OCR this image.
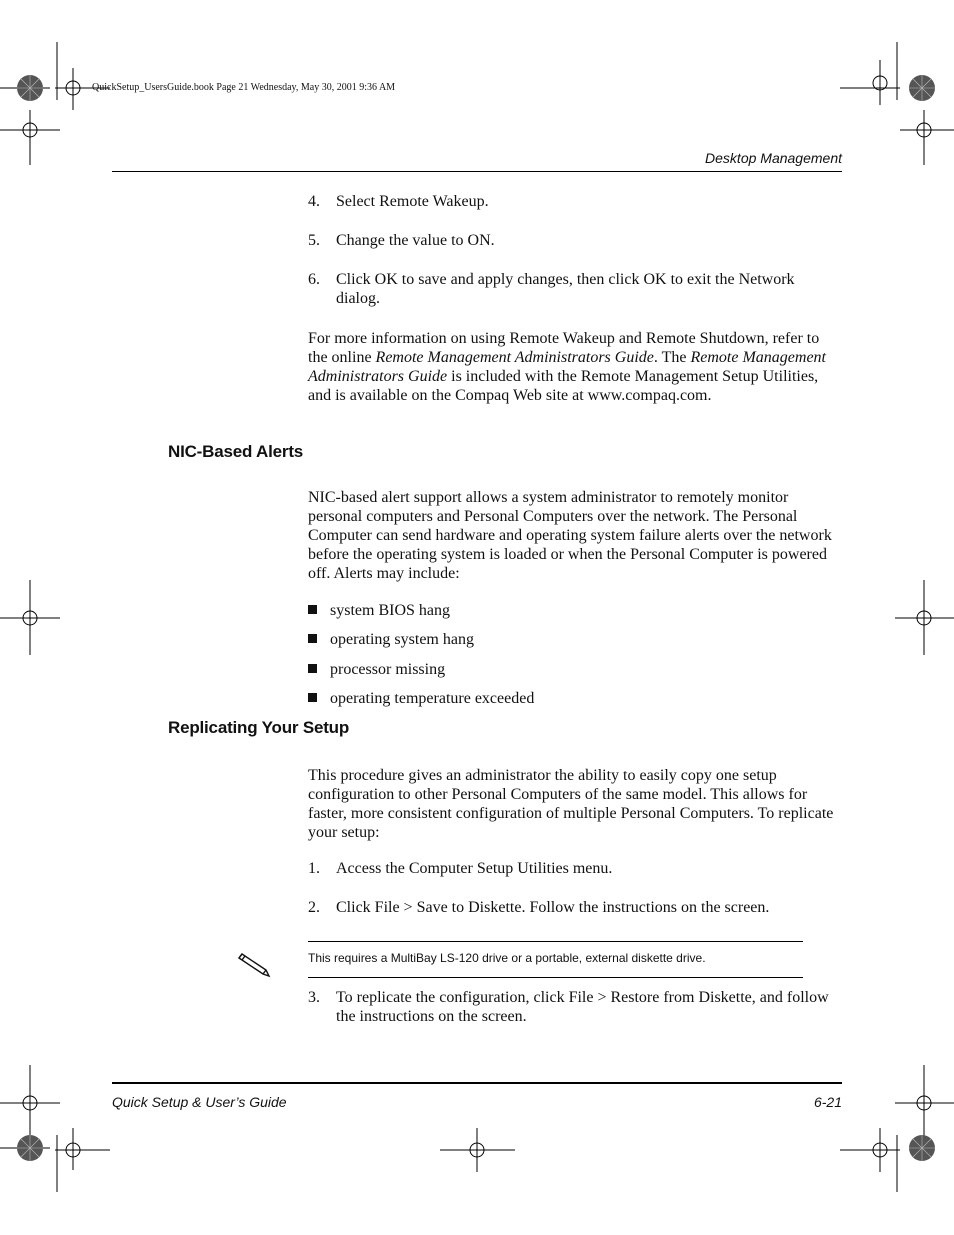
QuickSetup_UsersGuide.book Page 21 Wednesday, May 30, 2001 9:36 AM
Desktop Management
4.	Select Remote Wakeup.
5.	Change the value to ON.
6.	Click OK to save and apply changes, then click OK to exit the Network dialog.
For more information on using Remote Wakeup and Remote Shutdown, refer to the online Remote Management Administrators Guide. The Remote Management Administrators Guide is included with the Remote Management Setup Utilities, and is available on the Compaq Web site at www.compaq.com.
NIC-Based Alerts
NIC-based alert support allows a system administrator to remotely monitor personal computers and Personal Computers over the network. The Personal Computer can send hardware and operating system failure alerts over the network before the operating system is loaded or when the Personal Computer is powered off. Alerts may include:
system BIOS hang
operating system hang
processor missing
operating temperature exceeded
Replicating Your Setup
This procedure gives an administrator the ability to easily copy one setup configuration to other Personal Computers of the same model. This allows for faster, more consistent configuration of multiple Personal Computers. To replicate your setup:
1.	Access the Computer Setup Utilities menu.
2.	Click File > Save to Diskette. Follow the instructions on the screen.
This requires a MultiBay LS-120 drive or a portable, external diskette drive.
3.	To replicate the configuration, click File > Restore from Diskette, and follow the instructions on the screen.
Quick Setup & User’s Guide	6-21
